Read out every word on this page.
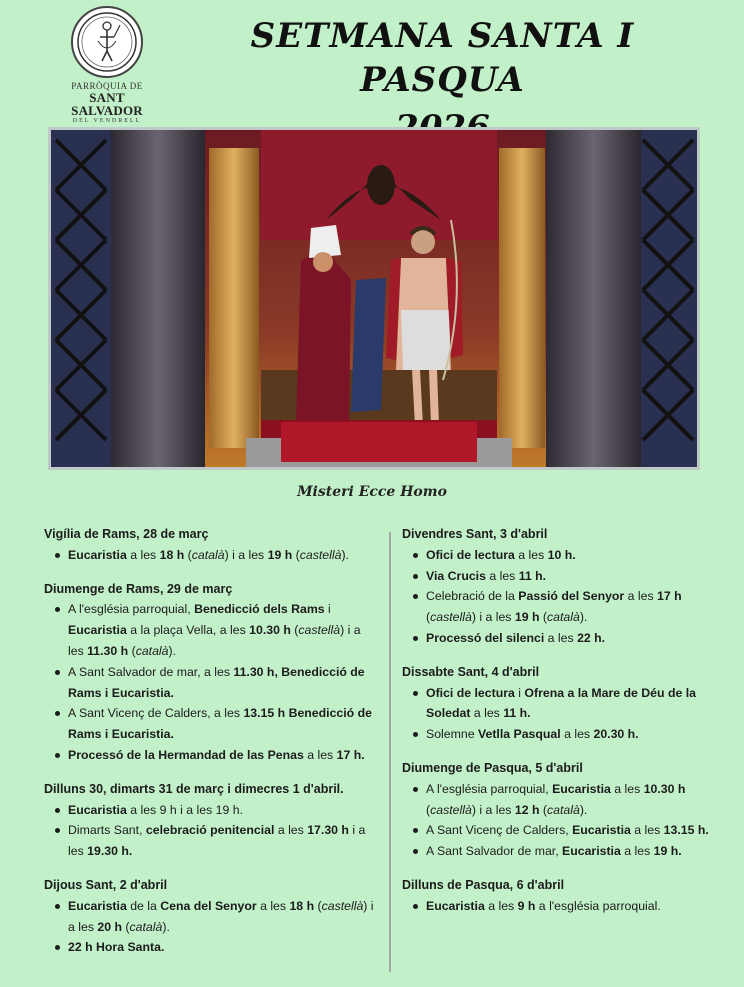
PARRÒQUIA DE
SANT SALVADOR
DEL VENDRELL
SETMANA SANTA I PASQUA
Misteri Ecce Homo
Vigília de Rams, 28 de març
Eucaristia a les 18 h (català) i a les 19 h (castellà).
Diumenge de Rams, 29 de març
A l'església parroquial, Benedicció dels Rams i Eucaristia a la plaça Vella, a les 10.30 h (castellà) i a les 11.30 h (català).
A Sant Salvador de mar, a les 11.30 h, Benedicció de Rams i Eucaristia.
A Sant Vicenç de Calders, a les 13.15 h Benedicció de Rams i Eucaristia.
Processó de la Hermandad de las Penas a les 17 h.
Dilluns 30, dimarts 31 de març i dimecres 1 d'abril.
Eucaristia a les 9 h i a les 19 h.
Dimarts Sant, celebració penitencial a les 17.30 h i a les 19.30 h.
Dijous Sant, 2 d'abril
Eucaristia de la Cena del Senyor a les 18 h (castellà) i a les 20 h (català).
22 h Hora Santa.
Divendres Sant, 3 d'abril
Ofici de lectura a les 10 h.
Via Crucis a les 11 h.
Celebració de la Passió del Senyor a les 17 h (castellà) i a les 19 h (català).
Processó del silenci a les 22 h.
Dissabte Sant, 4 d'abril
Ofici de lectura i Ofrena a la Mare de Déu de la Soledat a les 11 h.
Solemne Vetlla Pasqual a les 20.30 h.
Diumenge de Pasqua, 5 d'abril
A l'església parroquial, Eucaristia a les 10.30 h (castellà) i a les 12 h (català).
A Sant Vicenç de Calders, Eucaristia a les 13.15 h.
A Sant Salvador de mar, Eucaristia a les 19 h.
Dilluns de Pasqua, 6 d'abril
Eucaristia a les 9 h a l'església parroquial.
